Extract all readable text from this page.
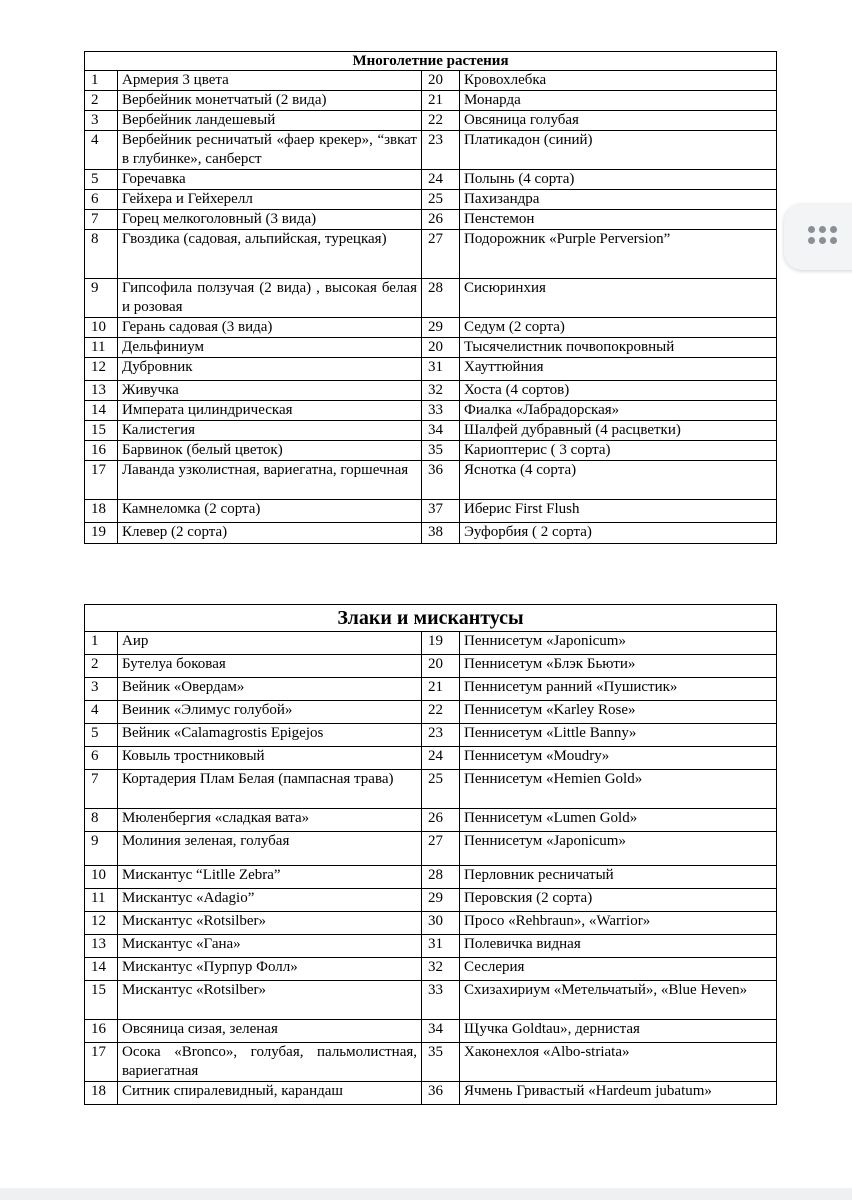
Многолетние растения			
1	Армерия 3 цвета	20	Кровохлебка
2	Вербейник монетчатый (2 вида)	21	Монарда
3	Вербейник ландешевый	22	Овсяница голубая
4	Вербейник ресничатый «фаер крекер», “звкат в глубинке», санберст	23	Платикадон (синий)
5	Горечавка	24	Полынь (4 сорта)
6	Гейхера и Гейхерелл	25	Пахизандра
7	Горец мелкоголовный (3 вида)	26	Пенстемон
8	Гвоздика (садовая, альпийская, турецкая)	27	Подорожник «Purple Perversion”
9	Гипсофила ползучая (2 вида) , высокая белая и розовая	28	Сисюринхия
10	Герань садовая (3 вида)	29	Седум (2 сорта)
11	Дельфиниум	20	Тысячелистник почвопокровный
12	Дубровник	31	Хауттюйния
13	Живучка	32	Хоста (4 сортов)
14	Императа цилиндрическая	33	Фиалка «Лабрадорская»
15	Калистегия	34	Шалфей дубравный (4 расцветки)
16	Барвинок (белый цветок)	35	Кариоптерис ( 3 сорта)
17	Лаванда узколистная, вариегатна, горшечная	36	Яснотка (4 сорта)
18	Камнеломка (2 сорта)	37	Иберис First Flush
19	Клевер (2 сорта)	38	Эуфорбия ( 2 сорта)
Злаки и мискантусы			
1	Аир	19	Пеннисетум «Japonicum»
2	Бутелуа боковая	20	Пеннисетум «Блэк Бьюти»
3	Вейник «Овердам»	21	Пеннисетум ранний «Пушистик»
4	Веиник «Элимус голубой»	22	Пеннисетум «Karley Rose»
5	Вейник «Calamagrostis Epigejos	23	Пеннисетум «Little Banny»
6	Ковыль тростниковый	24	Пеннисетум «Moudry»
7	Кортадерия Плам Белая (пампасная трава)	25	Пеннисетум «Hemien Gold»
8	Мюленбергия «сладкая вата»	26	Пеннисетум «Lumen Gold»
9	Молиния зеленая, голубая	27	Пеннисетум «Japonicum»
10	Мискантус “Litlle Zebra”	28	Перловник ресничатый
11	Мискантус «Adagio”	29	Перовския (2 сорта)
12	Мискантус «Rotsilber»	30	Просо «Rehbraun», «Warrior»
13	Мискантус «Гана»	31	Полевичка видная
14	Мискантус «Пурпур Фолл»	32	Сеслерия
15	Мискантус «Rotsilber»	33	Схизахириум «Метельчатый», «Blue Heven»
16	Овсяница сизая, зеленая	34	Щучка Goldtau», дернистая
17	Осока «Bronco», голубая, пальмолистная, вариегатная	35	Хаконехлоя «Albo-striata»
18	Ситник спиралевидный, карандаш	36	Ячмень Гривастый «Hardeum jubatum»
